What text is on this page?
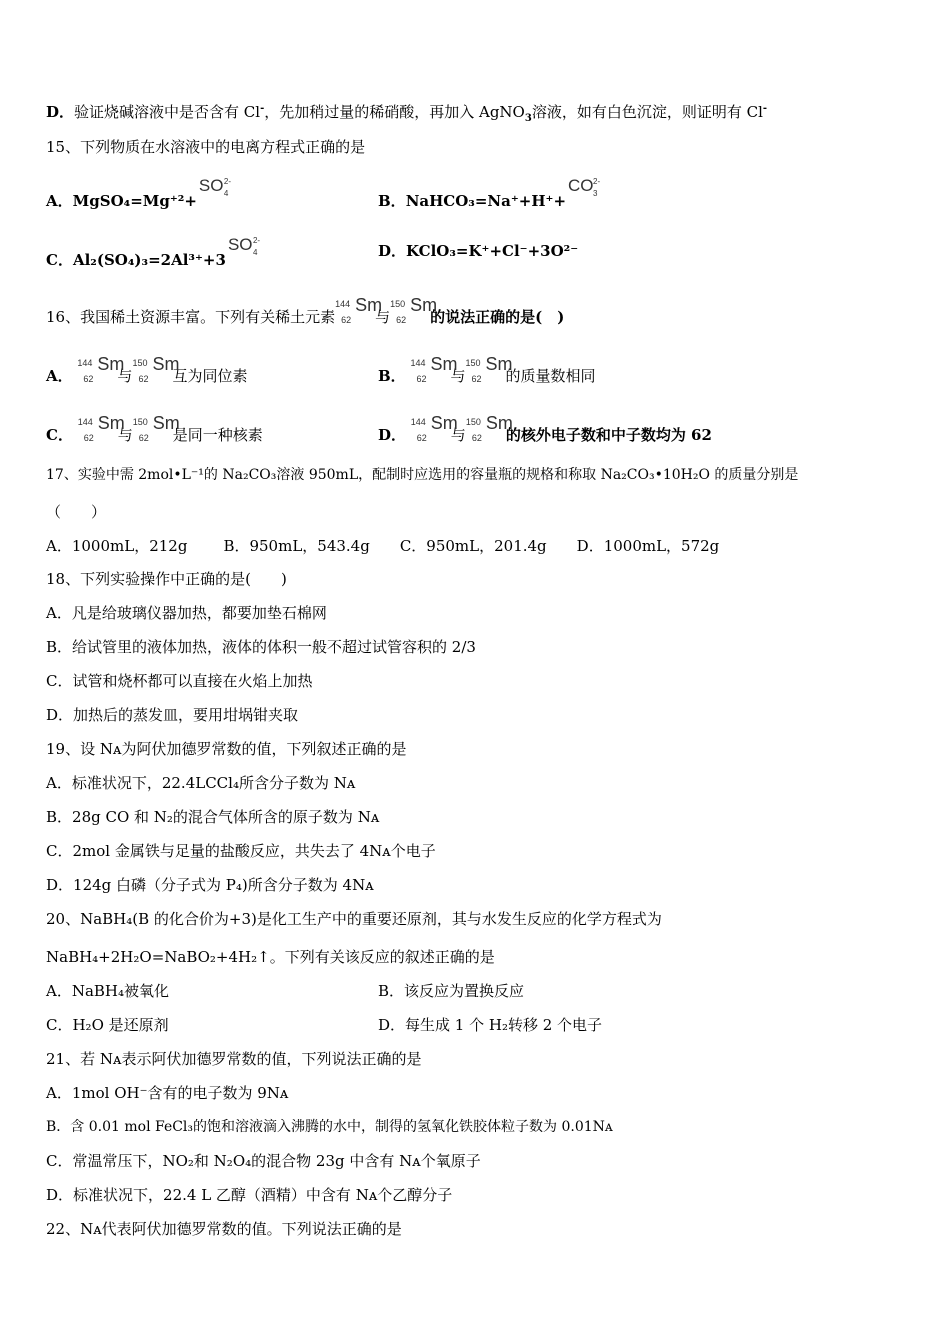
D．验证烧碱溶液中是否含有 Cl-，先加稍过量的稀硝酸，再加入 AgNO$_3$溶液，如有白色沉淀，则证明有 Cl-
15、下列物质在水溶液中的电离方程式正确的是
A．MgSO₄=Mg⁺²+
SO 2-
4	B．NaHCO₃=Na⁺+H⁺+
CO 2-
3
C．Al₂(SO₄)₃=2Al³⁺+3
SO 2-
4	D．KClO₃=K⁺+Cl⁻+3O²⁻
16、我国稀土资源丰富。下列有关稀土元素
144
62
Sm
与
150
62
Sm
的说法正确的是(　)
A．
144
62
Sm
与
150
62
Sm
互为同位素	B．
144
62
Sm
与
150
62
Sm
的质量数相同
C．
144
62
Sm
与
150
62
Sm
是同一种核素	D．
144
62
Sm
与
150
62
Sm
的核外电子数和中子数均为 62
17、实验中需 2mol•L⁻¹的 Na₂CO₃溶液 950mL，配制时应选用的容量瓶的规格和称取 Na₂CO₃•10H₂O 的质量分别是
（　　）
A．1000mL，212g B．950mL，543.4g C．950mL，201.4g D．1000mL，572g
18、下列实验操作中正确的是(　　)
A．凡是给玻璃仪器加热，都要加垫石棉网
B．给试管里的液体加热，液体的体积一般不超过试管容积的 2/3
C．试管和烧杯都可以直接在火焰上加热
D．加热后的蒸发皿，要用坩埚钳夹取
19、设 Nᴀ为阿伏加德罗常数的值，下列叙述正确的是
A．标准状况下，22.4LCCl₄所含分子数为 Nᴀ
B．28g CO 和 N₂的混合气体所含的原子数为 Nᴀ
C．2mol 金属铁与足量的盐酸反应，共失去了 4Nᴀ个电子
D．124g 白磷（分子式为 P₄)所含分子数为 4Nᴀ
20、NaBH₄(B 的化合价为+3)是化工生产中的重要还原剂，其与水发生反应的化学方程式为
NaBH₄+2H₂O=NaBO₂+4H₂↑。下列有关该反应的叙述正确的是
A．NaBH₄被氧化	B．该反应为置换反应
C．H₂O 是还原剂	D．每生成 1 个 H₂转移 2 个电子
21、若 Nᴀ表示阿伏加德罗常数的值，下列说法正确的是
A．1mol OH⁻含有的电子数为 9Nᴀ
B．含 0.01 mol FeCl₃的饱和溶液滴入沸腾的水中，制得的氢氧化铁胶体粒子数为 0.01Nᴀ
C．常温常压下，NO₂和 N₂O₄的混合物 23g 中含有 Nᴀ个氧原子
D．标准状况下，22.4 L 乙醇（酒精）中含有 Nᴀ个乙醇分子
22、Nᴀ代表阿伏加德罗常数的值。下列说法正确的是
